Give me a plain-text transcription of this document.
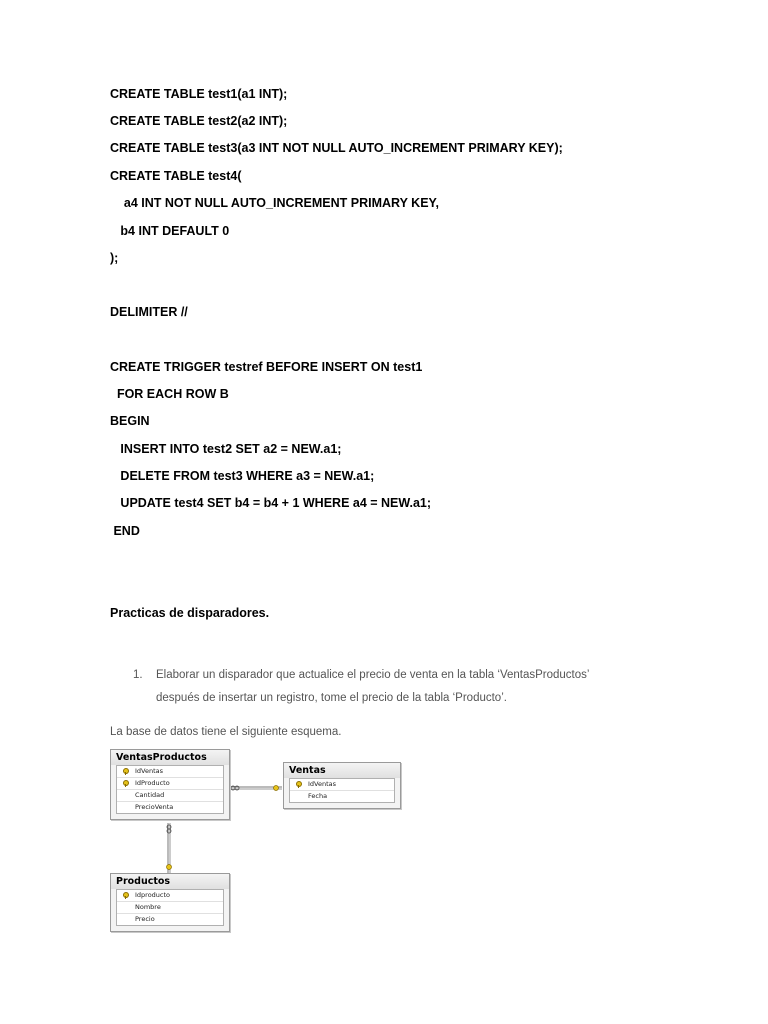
CREATE TABLE test1(a1 INT);
CREATE TABLE test2(a2 INT);
CREATE TABLE test3(a3 INT NOT NULL AUTO_INCREMENT PRIMARY KEY);
CREATE TABLE test4(
a4 INT NOT NULL AUTO_INCREMENT PRIMARY KEY,
b4 INT DEFAULT 0
);
DELIMITER //
CREATE TRIGGER testref BEFORE INSERT ON test1
FOR EACH ROW B
BEGIN
INSERT INTO test2 SET a2 = NEW.a1;
DELETE FROM test3 WHERE a3 = NEW.a1;
UPDATE test4 SET b4 = b4 + 1 WHERE a4 = NEW.a1;
END
Practicas de disparadores.
1. Elaborar un disparador que actualice el precio de venta en la tabla ‘VentasProductos’
después de insertar un registro, tome el precio de la tabla ‘Producto’.
La base de datos tiene el siguiente esquema.
VentasProductos
IdVentas
IdProducto
Cantidad
PrecioVenta
Ventas
IdVentas
Fecha
Productos
Idproducto
Nombre
Precio
